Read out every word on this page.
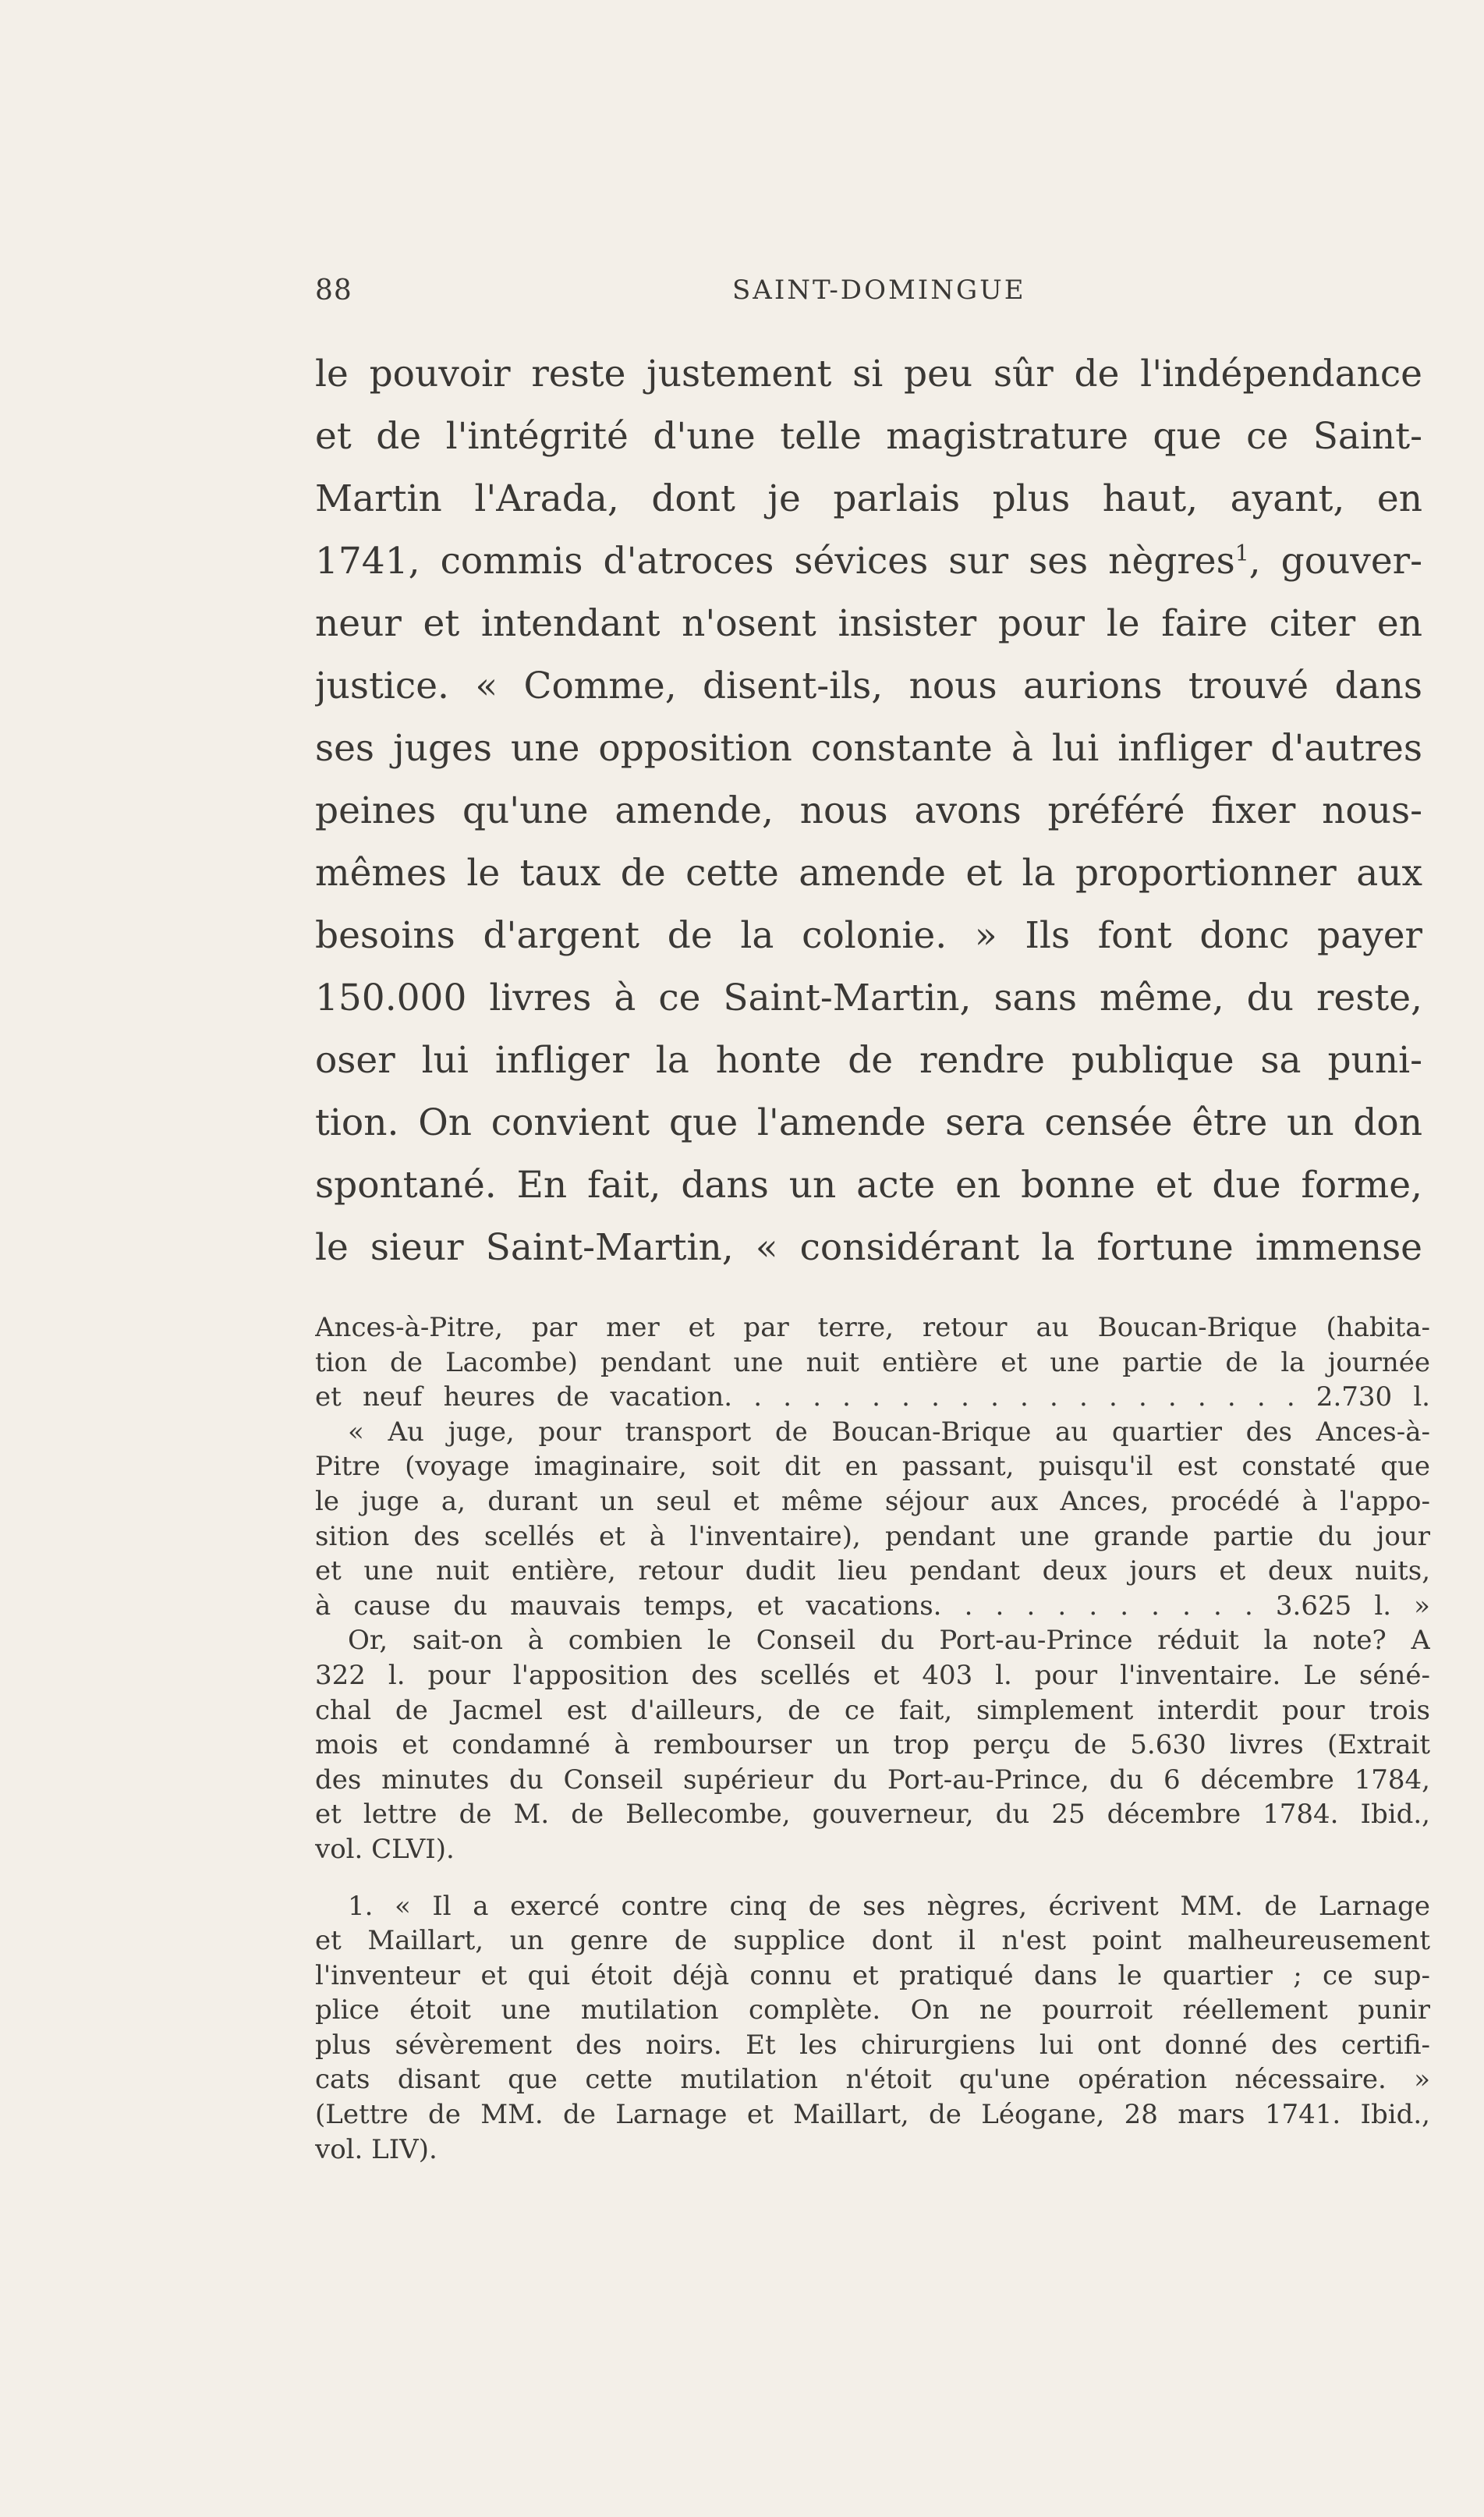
88	SAINT-DOMINGUE
le pouvoir reste justement si peu sûr de l'indépendance
et de l'intégrité d'une telle magistrature que ce Saint-
Martin l'Arada, dont je parlais plus haut, ayant, en
1741, commis d'atroces sévices sur ses nègres$^1$, gouver-
neur et intendant n'osent insister pour le faire citer en
justice. « Comme, disent-ils, nous aurions trouvé dans
ses juges une opposition constante à lui infliger d'autres
peines qu'une amende, nous avons préféré fixer nous-
mêmes le taux de cette amende et la proportionner aux
besoins d'argent de la colonie. » Ils font donc payer
150.000 livres à ce Saint-Martin, sans même, du reste,
oser lui infliger la honte de rendre publique sa puni-
tion. On convient que l'amende sera censée être un don
spontané. En fait, dans un acte en bonne et due forme,
le sieur Saint-Martin, « considérant la fortune immense
Ances-à-Pitre, par mer et par terre, retour au Boucan-Brique (habita-
tion de Lacombe) pendant une nuit entière et une partie de la journée
et neuf heures de vacation. . . . . . . . . . . . . . . . . . . . 2.730 l.
« Au juge, pour transport de Boucan-Brique au quartier des Ances-à-
Pitre (voyage imaginaire, soit dit en passant, puisqu'il est constaté que
le juge a, durant un seul et même séjour aux Ances, procédé à l'appo-
sition des scellés et à l'inventaire), pendant une grande partie du jour
et une nuit entière, retour dudit lieu pendant deux jours et deux nuits,
à cause du mauvais temps, et vacations. . . . . . . . . . . 3.625 l. »
Or, sait-on à combien le Conseil du Port-au-Prince réduit la note? A
322 l. pour l'apposition des scellés et 403 l. pour l'inventaire. Le séné-
chal de Jacmel est d'ailleurs, de ce fait, simplement interdit pour trois
mois et condamné à rembourser un trop perçu de 5.630 livres (Extrait
des minutes du Conseil supérieur du Port-au-Prince, du 6 décembre 1784,
et lettre de M. de Bellecombe, gouverneur, du 25 décembre 1784. Ibid.,
vol. CLVI).
1. « Il a exercé contre cinq de ses nègres, écrivent MM. de Larnage
et Maillart, un genre de supplice dont il n'est point malheureusement
l'inventeur et qui étoit déjà connu et pratiqué dans le quartier ; ce sup-
plice étoit une mutilation complète. On ne pourroit réellement punir
plus sévèrement des noirs. Et les chirurgiens lui ont donné des certifi-
cats disant que cette mutilation n'étoit qu'une opération nécessaire. »
(Lettre de MM. de Larnage et Maillart, de Léogane, 28 mars 1741. Ibid.,
vol. LIV).
